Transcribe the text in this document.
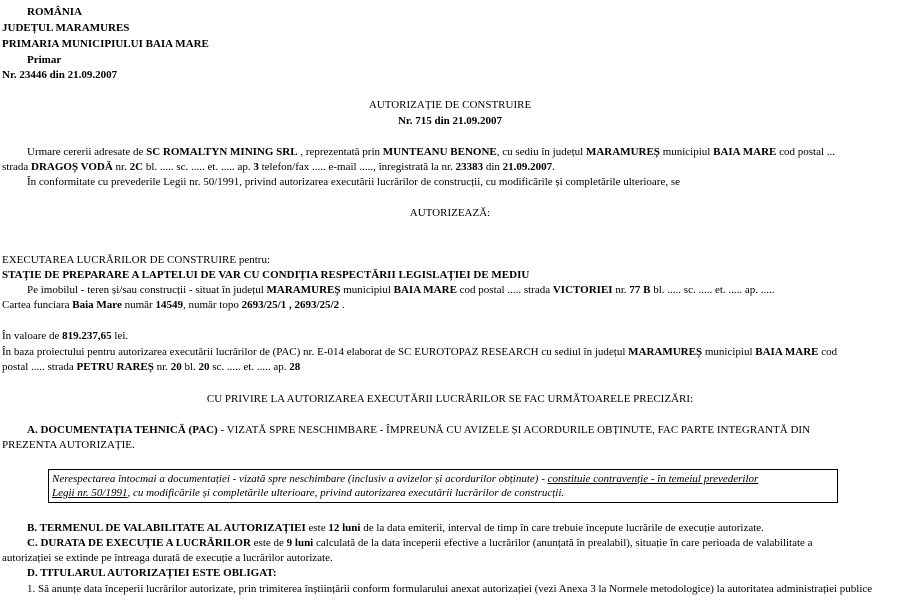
ROMÂNIA
JUDEȚUL MARAMURES
PRIMARIA MUNICIPIULUI BAIA MARE
Primar
Nr. 23446 din 21.09.2007
AUTORIZAȚIE DE CONSTRUIRE
Nr. 715 din 21.09.2007
Urmare cererii adresate de SC ROMALTYN MINING SRL , reprezentată prin MUNTEANU BENONE, cu sediu în județul MARAMUREȘ municipiul BAIA MARE cod postal ...
strada DRAGOȘ VODĂ nr. 2C bl. ..... sc. ..... et. ..... ap. 3 telefon/fax ..... e-mail ....., înregistrată la nr. 23383 din 21.09.2007.
În conformitate cu prevederile Legii nr. 50/1991, privind autorizarea executării lucrărilor de construcții, cu modificările și completările ulterioare, se
AUTORIZEAZĂ:
EXECUTAREA LUCRĂRILOR DE CONSTRUIRE pentru:
STAȚIE DE PREPARARE A LAPTELUI DE VAR CU CONDIȚIA RESPECTĂRII LEGISLAȚIEI DE MEDIU
Pe imobilul - teren și/sau construcții - situat în județul MARAMUREȘ municipiul BAIA MARE cod postal ..... strada VICTORIEI nr. 77 B bl. ..... sc. ..... et. ..... ap. .....
Cartea funciara Baia Mare număr 14549, număr topo 2693/25/1 , 2693/25/2 .
În valoare de 819.237,65 lei.
În baza proiectului pentru autorizarea executării lucrărilor de (PAC) nr. E-014 elaborat de SC EUROTOPAZ RESEARCH cu sediul în județul MARAMUREȘ municipiul BAIA MARE cod
postal ..... strada PETRU RAREȘ nr. 20 bl. 20 sc. ..... et. ..... ap. 28
CU PRIVIRE LA AUTORIZAREA EXECUTĂRII LUCRĂRILOR SE FAC URMĂTOARELE PRECIZĂRI:
A. DOCUMENTAȚIA TEHNICĂ (PAC) - VIZATĂ SPRE NESCHIMBARE - ÎMPREUNĂ CU AVIZELE ȘI ACORDURILE OBȚINUTE, FAC PARTE INTEGRANTĂ DIN
PREZENTA AUTORIZAȚIE.
Nerespectarea întocmai a documentației - vizată spre neschimbare (inclusiv a avizelor și acordurilor obținute) - constituie contravenție - în temeiul prevederilor
Legii nr. 50/1991, cu modificările și completările ulterioare, privind autorizarea executării lucrărilor de construcții.
B. TERMENUL DE VALABILITATE AL AUTORIZAȚIEI este 12 luni de la data emiterii, interval de timp în care trebuie începute lucrările de execuție autorizate.
C. DURATA DE EXECUȚIE A LUCRĂRILOR este de 9 luni calculată de la data începerii efective a lucrărilor (anunțată în prealabil), situație în care perioada de valabilitate a
autorizației se extinde pe întreaga durată de execuție a lucrărilor autorizate.
D. TITULARUL AUTORIZAȚIEI ESTE OBLIGAT:
1. Să anunțe data începerii lucrărilor autorizate, prin trimiterea înștiințării conform formularului anexat autorizației (vezi Anexa 3 la Normele metodologice) la autoritatea administrației publice
